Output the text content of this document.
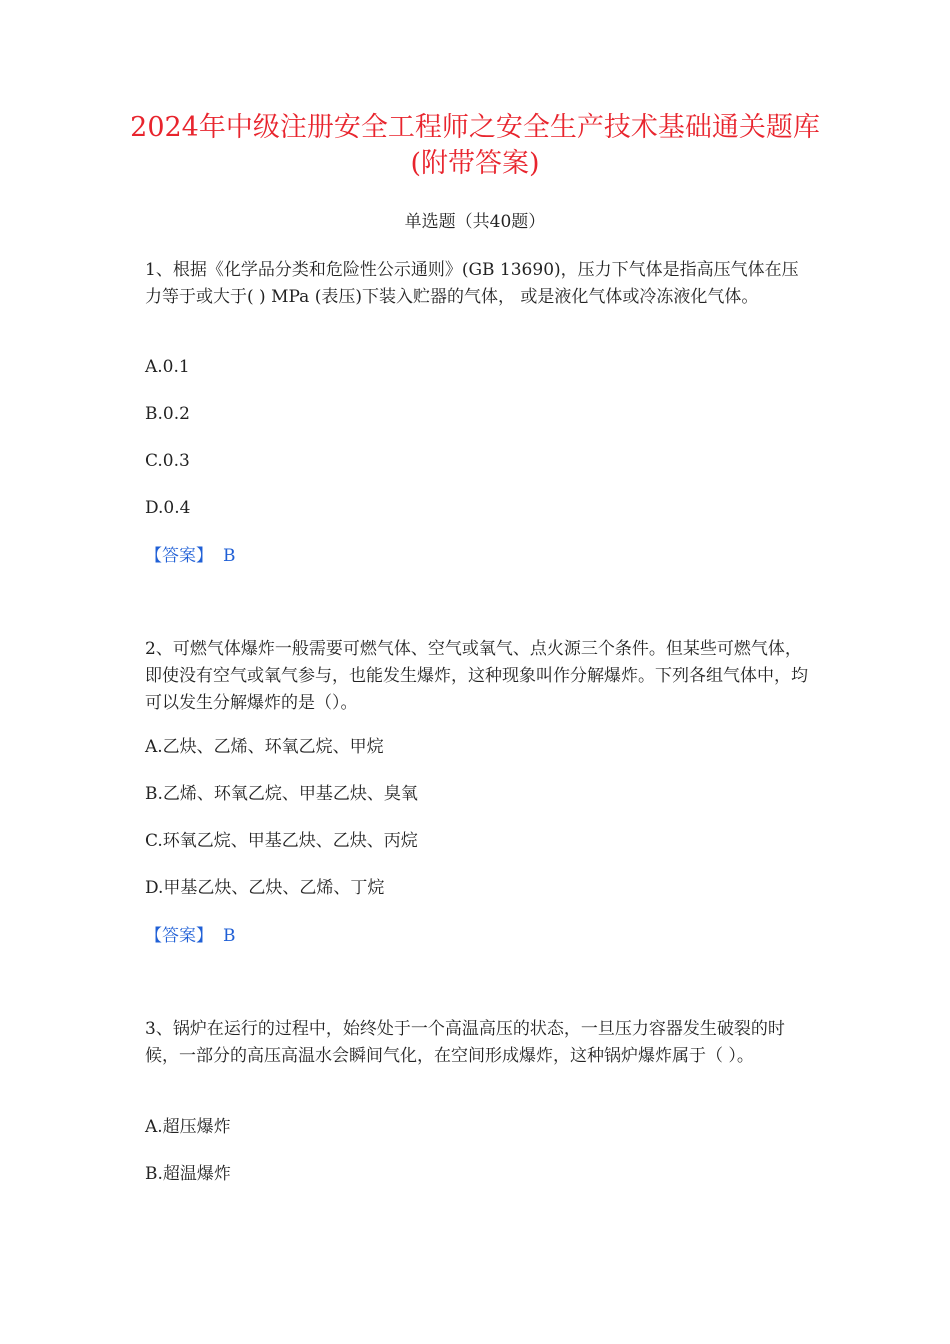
2024年中级注册安全工程师之安全生产技术基础通关题库(附带答案)
单选题（共40题）
1、根据《化学品分类和危险性公示通则》(GB 13690)，压力下气体是指高压气体在压力等于或大于( ) MPa (表压)下装入贮器的气体， 或是液化气体或冷冻液化气体。
A.0.1
B.0.2
C.0.3
D.0.4
【答案】 B
2、可燃气体爆炸一般需要可燃气体、空气或氧气、点火源三个条件。但某些可燃气体，即使没有空气或氧气参与，也能发生爆炸，这种现象叫作分解爆炸。下列各组气体中，均可以发生分解爆炸的是（）。
A.乙炔、乙烯、环氧乙烷、甲烷
B.乙烯、环氧乙烷、甲基乙炔、臭氧
C.环氧乙烷、甲基乙炔、乙炔、丙烷
D.甲基乙炔、乙炔、乙烯、丁烷
【答案】 B
3、锅炉在运行的过程中，始终处于一个高温高压的状态，一旦压力容器发生破裂的时候，一部分的高压高温水会瞬间气化，在空间形成爆炸，这种锅炉爆炸属于（ ）。
A.超压爆炸
B.超温爆炸
